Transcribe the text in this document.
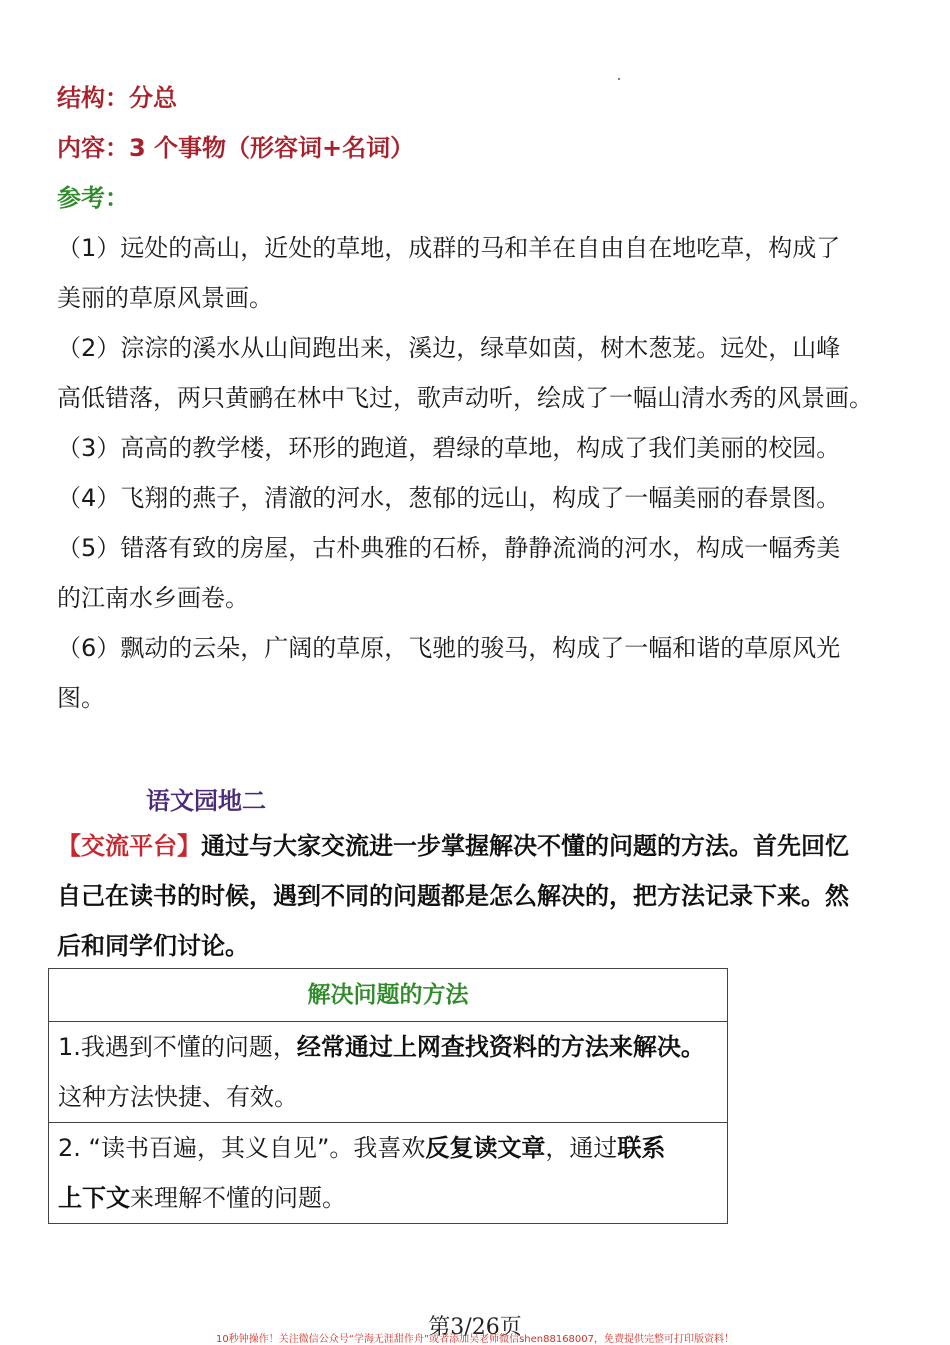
结构：分总
内容：3 个事物（形容词+名词）
参考：
（1）远处的高山，近处的草地，成群的马和羊在自由自在地吃草，构成了
美丽的草原风景画。
（2）淙淙的溪水从山间跑出来，溪边，绿草如茵，树木葱茏。远处，山峰
高低错落，两只黄鹂在林中飞过，歌声动听，绘成了一幅山清水秀的风景画。
（3）高高的教学楼，环形的跑道，碧绿的草地，构成了我们美丽的校园。
（4）飞翔的燕子，清澈的河水，葱郁的远山，构成了一幅美丽的春景图。
（5）错落有致的房屋，古朴典雅的石桥，静静流淌的河水，构成一幅秀美
的江南水乡画卷。
（6）飘动的云朵，广阔的草原，飞驰的骏马，构成了一幅和谐的草原风光
图。
语文园地二
【交流平台】通过与大家交流进一步掌握解决不懂的问题的方法。首先回忆
自己在读书的时候，遇到不同的问题都是怎么解决的，把方法记录下来。然
后和同学们讨论。
解决问题的方法
1.我遇到不懂的问题，经常通过上网查找资料的方法来解决。
这种方法快捷、有效。
2. “读书百遍，其义自见”。我喜欢反复读文章，通过联系
上下文来理解不懂的问题。
第3/26页
10秒钟操作！关注微信公众号“学海无涯甜作舟”或者添加吴老师微信shen88168007，免费提供完整可打印版资料！
